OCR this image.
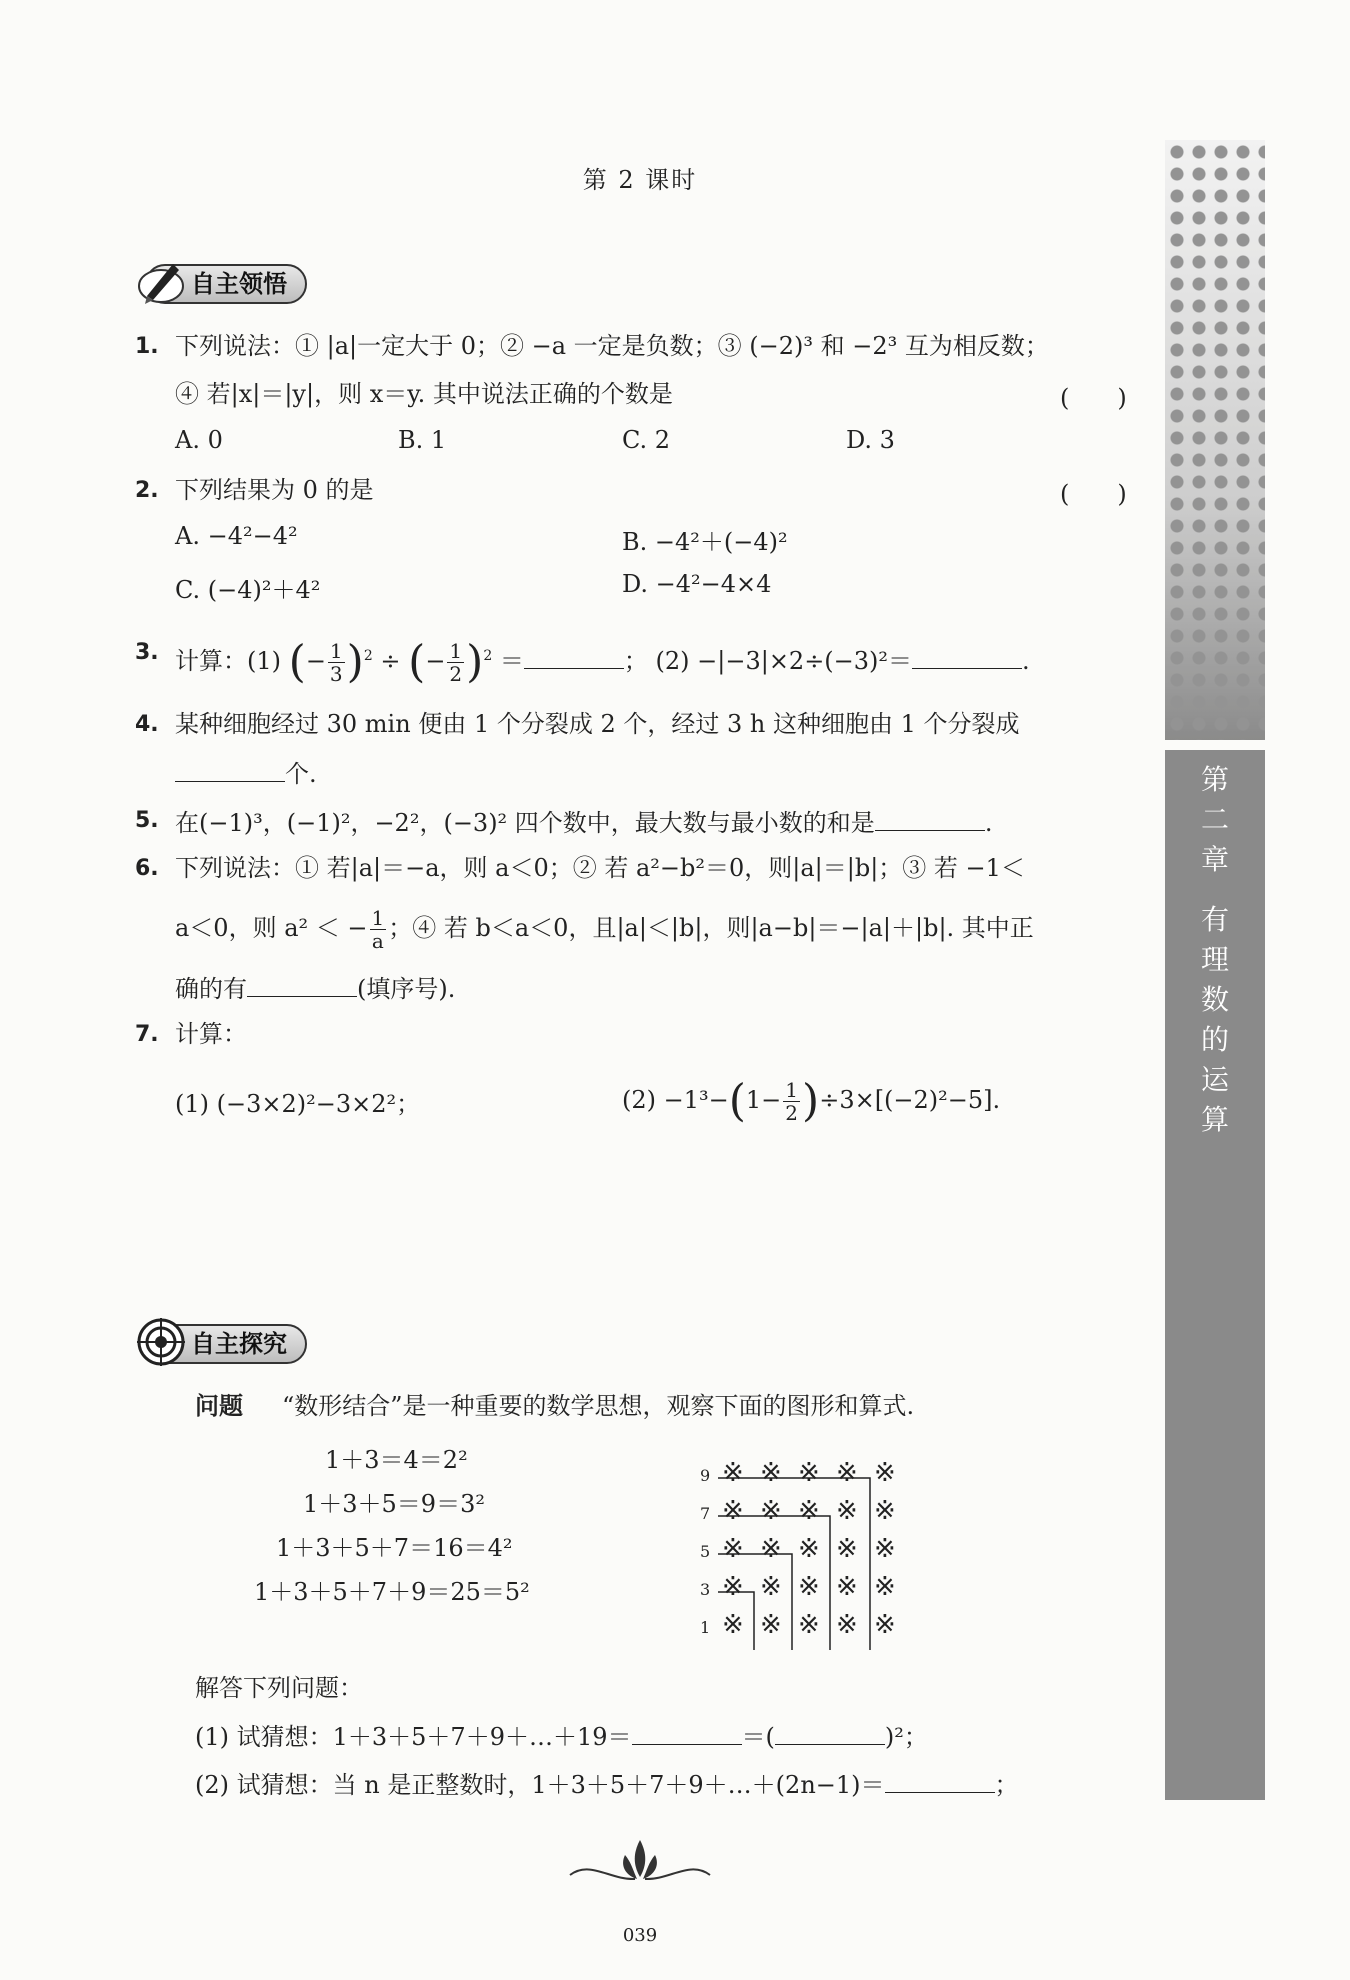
第 2 课时
自主领悟
1. 下列说法：① |a|一定大于 0；② −a 一定是负数；③ (−2)³ 和 −2³ 互为相反数；
④ 若|x|＝|y|，则 x＝y. 其中说法正确的个数是	(　　)
A. 0	B. 1	C. 2	D. 3
2. 下列结果为 0 的是	(　　)
A. −4²−4²	B. −4²＋(−4)²
C. (−4)²＋4²	D. −4²−4×4
3. 计算：(1) (− $\frac{1}{3} )^2$ ÷ (− $\frac{1}{2} )^2$ ＝	； (2) −|−3|×2÷(−3)²＝	.
4. 某种细胞经过 30 min 便由 1 个分裂成 2 个，经过 3 h 这种细胞由 1 个分裂成
个.
5. 在(−1)³，(−1)²，−2²，(−3)² 四个数中，最大数与最小数的和是	.
6. 下列说法：① 若|a|＝−a，则 a＜0；② 若 a²−b²＝0，则|a|＝|b|；③ 若 −1＜
a＜0，则 a² ＜ − $\frac{1}{a}$ ；④ 若 b＜a＜0，且|a|＜|b|，则|a−b|＝−|a|＋|b|. 其中正
确的有	(填序号).
7. 计算：
(1) (−3×2)²−3×2²；	$(2) -1^3-(1- \frac{1}{2} )\div 3\times[(-2)^2-5]$.
自主探究
问题 “数形结合”是一种重要的数学思想，观察下面的图形和算式.
1＋3＝4＝2²
1＋3＋5＝9＝3²
1＋3＋5＋7＝16＝4²
1＋3＋5＋7＋9＝25＝5²
9
7
5
3
1
※ ※ ※ ※ ※
※ ※ ※ ※ ※
※ ※ ※ ※ ※
※ ※ ※ ※ ※
※ ※ ※ ※ ※
解答下列问题：
(1) 试猜想：1＋3＋5＋7＋9＋…＋19＝	＝(	)²；
(2) 试猜想：当 n 是正整数时，1＋3＋5＋7＋9＋…＋(2n−1)＝	；
第
二
章
有
理
数
的
运
算
039
